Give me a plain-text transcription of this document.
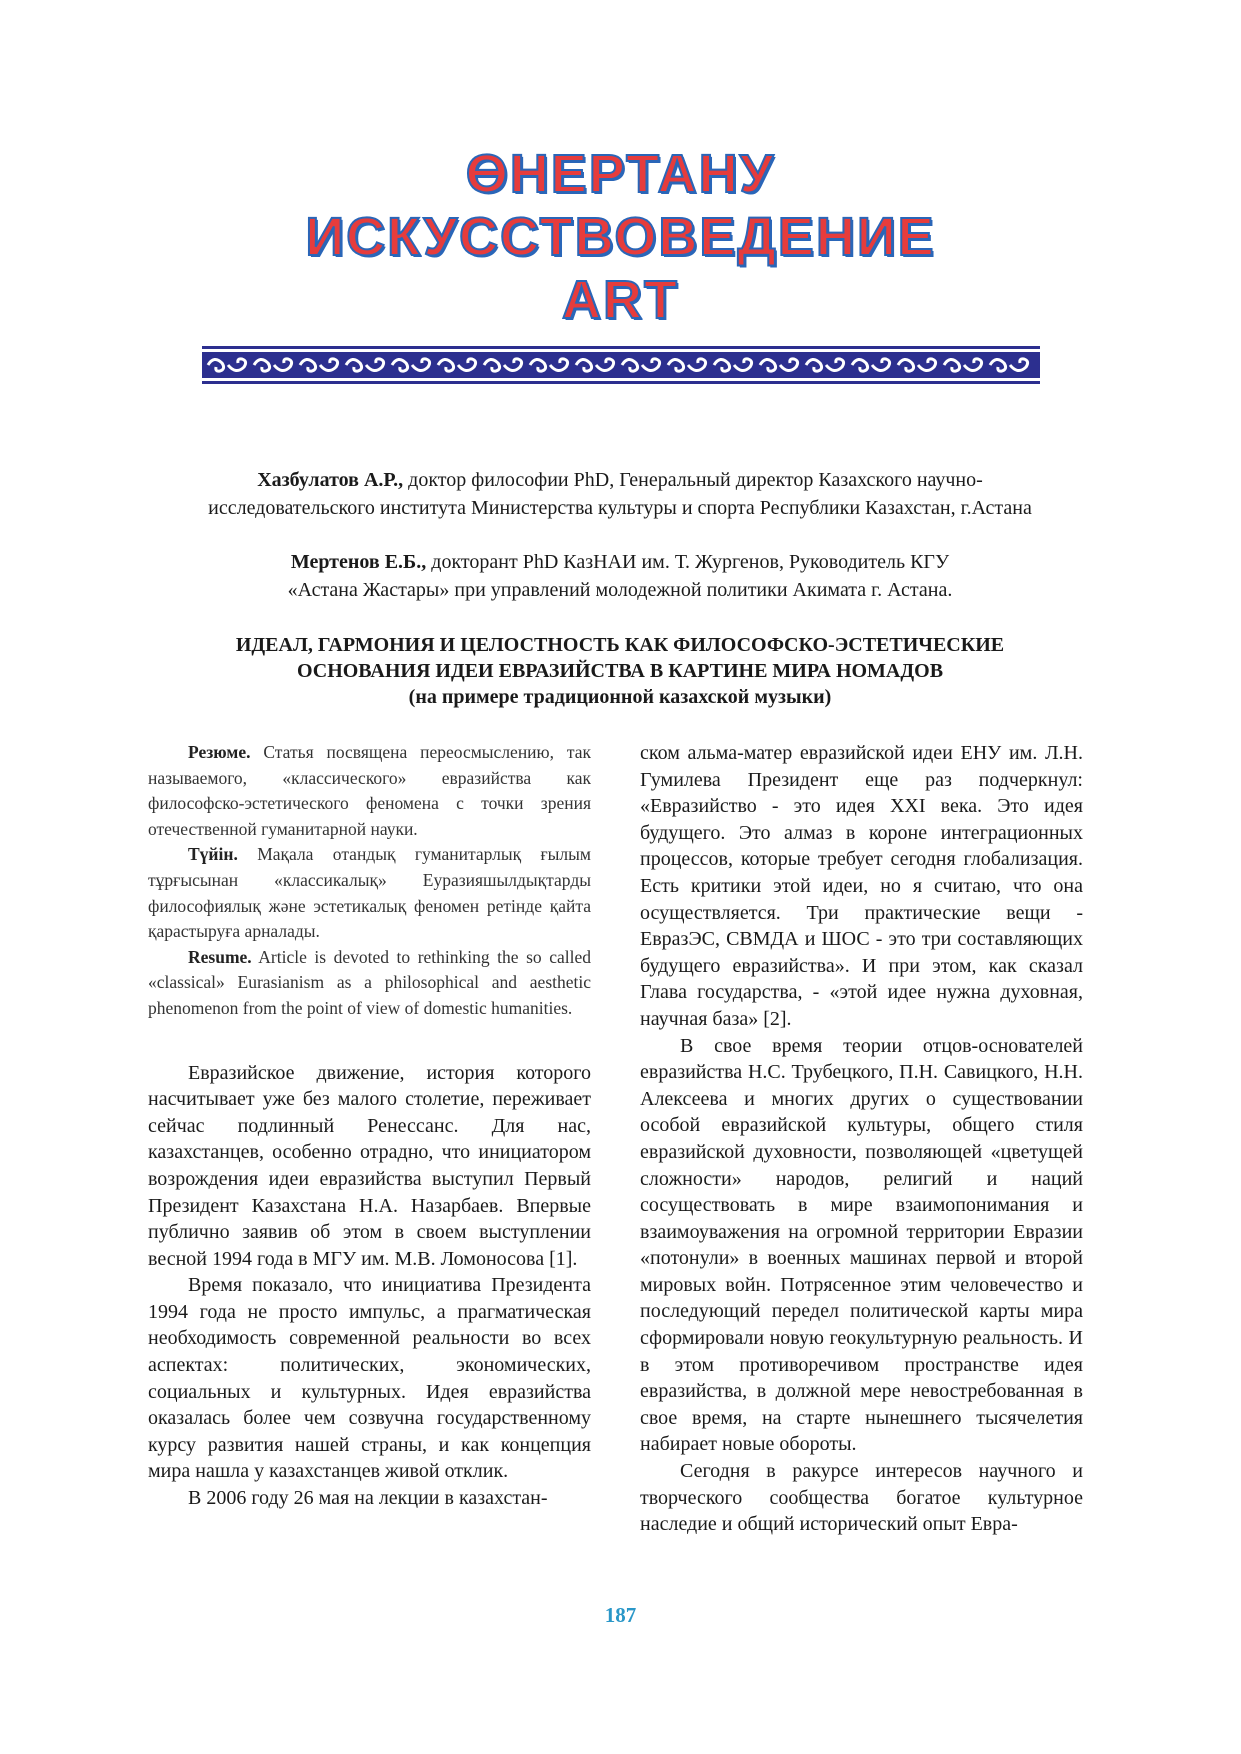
ӨНЕРТАНУ
ИСКУССТВОВЕДЕНИЕ
ART

Хазбулатов А.Р., доктор философии PhD, Генеральный директор Казахского научно-

исследовательского института Министерства культуры и спорта Республики Казахстан, г.Астана

Мертенов Е.Б., докторант PhD КазНАИ им. Т. Жургенов, Руководитель КГУ

«Астана Жастары» при управлений молодежной политики Акимата г. Астана.

ИДЕАЛ, ГАРМОНИЯ И ЦЕЛОСТНОСТЬ КАК ФИЛОСОФСКО-ЭСТЕТИЧЕСКИЕ
ОСНОВАНИЯ ИДЕИ ЕВРАЗИЙСТВА В КАРТИНЕ МИРА НОМАДОВ
(на примере традиционной казахской музыки)

Резюме. Статья посвящена переосмыслению, так называемого, «классического» евразийства как философско-эстетического феномена с точки зрения отечественной гуманитарной науки.

Түйін. Мақала отандық гуманитарлық ғылым тұрғысынан «классикалық» Еуразияшылдықтарды философиялық және эстетикалық феномен ретінде қайта қарастыруға арналады.

Resume. Article is devoted to rethinking the so called «classical» Eurasianism as a philosophical and aesthetic phenomenon from the point of view of domestic humanities.

Евразийское движение, история которого насчитывает уже без малого столетие, переживает сейчас подлинный Ренессанс. Для нас, казахстанцев, особенно отрадно, что инициатором возрождения идеи евразийства выступил Первый Президент Казахстана Н.А. Назарбаев. Впервые публично заявив об этом в своем выступлении весной 1994 года в МГУ им. М.В. Ломоносова [1].

Время показало, что инициатива Президента 1994 года не просто импульс, а прагматическая необходимость современной реальности во всех аспектах: политических, экономических, социальных и культурных. Идея евразийства оказалась более чем созвучна государственному курсу развития нашей страны, и как концепция мира нашла у казахстанцев живой отклик.

В 2006 году 26 мая на лекции в казахстан-

ском альма-матер евразийской идеи ЕНУ им. Л.Н. Гумилева Президент еще раз подчеркнул: «Евразийство - это идея XXI века. Это идея будущего. Это алмаз в короне интеграционных процессов, которые требует сегодня глобализация. Есть критики этой идеи, но я считаю, что она осуществляется. Три практические вещи - ЕвразЭС, СВМДА и ШОС - это три составляющих будущего евразийства». И при этом, как сказал Глава государства, - «этой идее нужна духовная, научная база» [2].

В свое время теории отцов-основателей евразийства Н.С. Трубецкого, П.Н. Савицкого, Н.Н. Алексеева и многих других о существовании особой евразийской культуры, общего стиля евразийской духовности, позволяющей «цветущей сложности» народов, религий и наций сосуществовать в мире взаимопонимания и взаимоуважения на огромной территории Евразии «потонули» в военных машинах первой и второй мировых войн. Потрясенное этим человечество и последующий передел политической карты мира сформировали новую геокультурную реальность. И в этом противоречивом пространстве идея евразийства, в должной мере невостребованная в свое время, на старте нынешнего тысячелетия набирает новые обороты.

Сегодня в ракурсе интересов научного и творческого сообщества богатое культурное наследие и общий исторический опыт Евра-

187
